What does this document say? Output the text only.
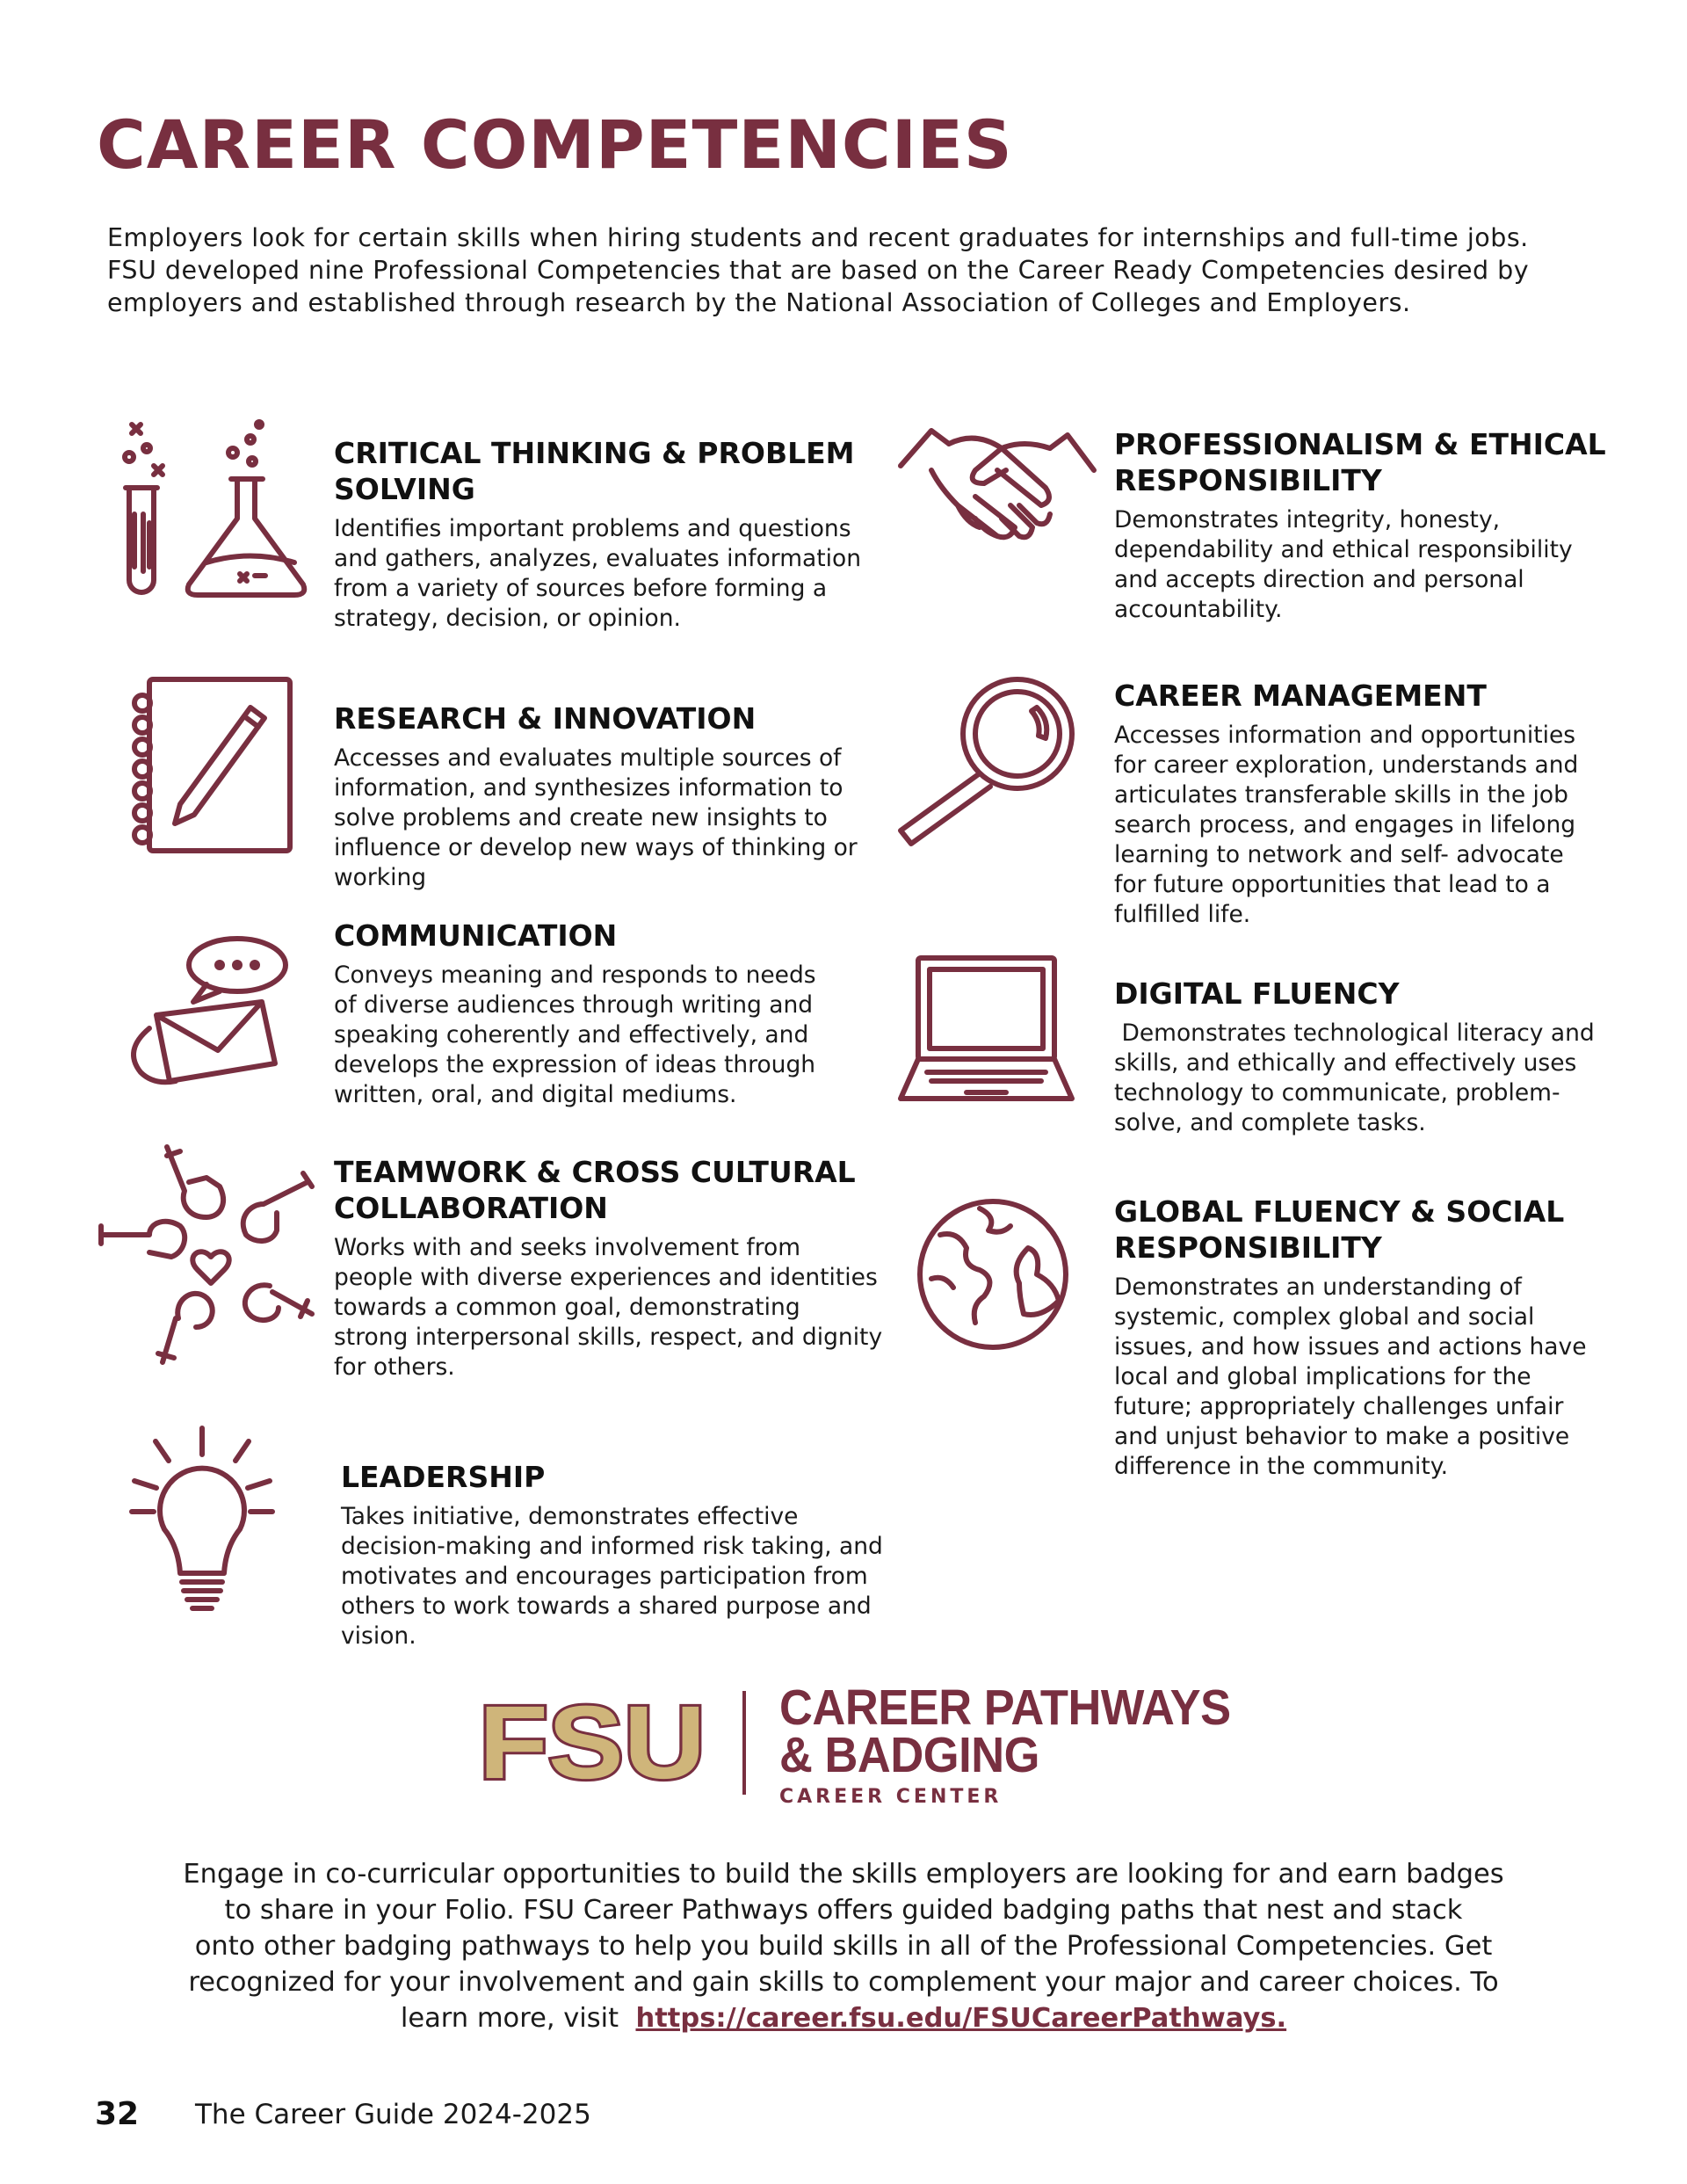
CAREER COMPETENCIES
Employers look for certain skills when hiring students and recent graduates for internships and full-time jobs.
FSU developed nine Professional Competencies that are based on the Career Ready Competencies desired by
employers and established through research by the National Association of Colleges and Employers.
CRITICAL THINKING & PROBLEM
SOLVING

Identifies important problems and questions
and gathers, analyzes, evaluates information
from a variety of sources before forming a
strategy, decision, or opinion.

RESEARCH & INNOVATION

Accesses and evaluates multiple sources of
information, and synthesizes information to
solve problems and create new insights to
influence or develop new ways of thinking or
working

COMMUNICATION

Conveys meaning and responds to needs
of diverse audiences through writing and
speaking coherently and effectively, and
develops the expression of ideas through
written, oral, and digital mediums.

TEAMWORK & CROSS CULTURAL
COLLABORATION

Works with and seeks involvement from
people with diverse experiences and identities
towards a common goal, demonstrating
strong interpersonal skills, respect, and dignity
for others.

LEADERSHIP

Takes initiative, demonstrates effective
decision-making and informed risk taking, and
motivates and encourages participation from
others to work towards a shared purpose and
vision.

PROFESSIONALISM & ETHICAL
RESPONSIBILITY

Demonstrates integrity, honesty,
dependability and ethical responsibility
and accepts direction and personal
accountability.

CAREER MANAGEMENT

Accesses information and opportunities
for career exploration, understands and
articulates transferable skills in the job
search process, and engages in lifelong
learning to network and self- advocate
for future opportunities that lead to a
fulfilled life.

DIGITAL FLUENCY

Demonstrates technological literacy and
skills, and ethically and effectively uses
technology to communicate, problem-
solve, and complete tasks.

GLOBAL FLUENCY & SOCIAL
RESPONSIBILITY

Demonstrates an understanding of
systemic, complex global and social
issues, and how issues and actions have
local and global implications for the
future; appropriately challenges unfair
and unjust behavior to make a positive
difference in the community.

FSU CAREER PATHWAYS
& BADGING
CAREER CENTER
Engage in co-curricular opportunities to build the skills employers are looking for and earn badges
to share in your Folio. FSU Career Pathways offers guided badging paths that nest and stack
onto other badging pathways to help you build skills in all of the Professional Competencies. Get
recognized for your involvement and gain skills to complement your major and career choices. To
learn more, visit  https://career.fsu.edu/FSUCareerPathways.
32 The Career Guide 2024-2025
